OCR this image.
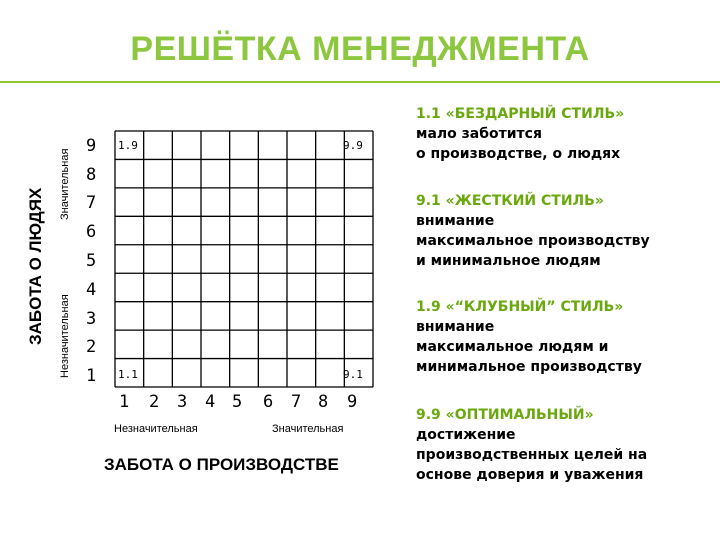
РЕШЁТКА МЕНЕДЖМЕНТА
ЗАБОТА О ЛЮДЯХ
Значительная
Незначительная
9
8
7
6
5
4
3
2
1
1.9	9.9
1.1	9.1
1 2 3 4 5 6 7 8 9
Незначительная	Значительная
ЗАБОТА О ПРОИЗВОДСТВЕ
1.1 «БЕЗДАРНЫЙ СТИЛЬ»
мало заботится
о производстве, о людях
9.1 «ЖЕСТКИЙ СТИЛЬ»
внимание
максимальное производству
и минимальное людям
1.9 «“КЛУБНЫЙ” СТИЛЬ»
внимание
максимальное людям и
минимальное производству
9.9 «ОПТИМАЛЬНЫЙ»
достижение
производственных целей на
основе доверия и уважения
